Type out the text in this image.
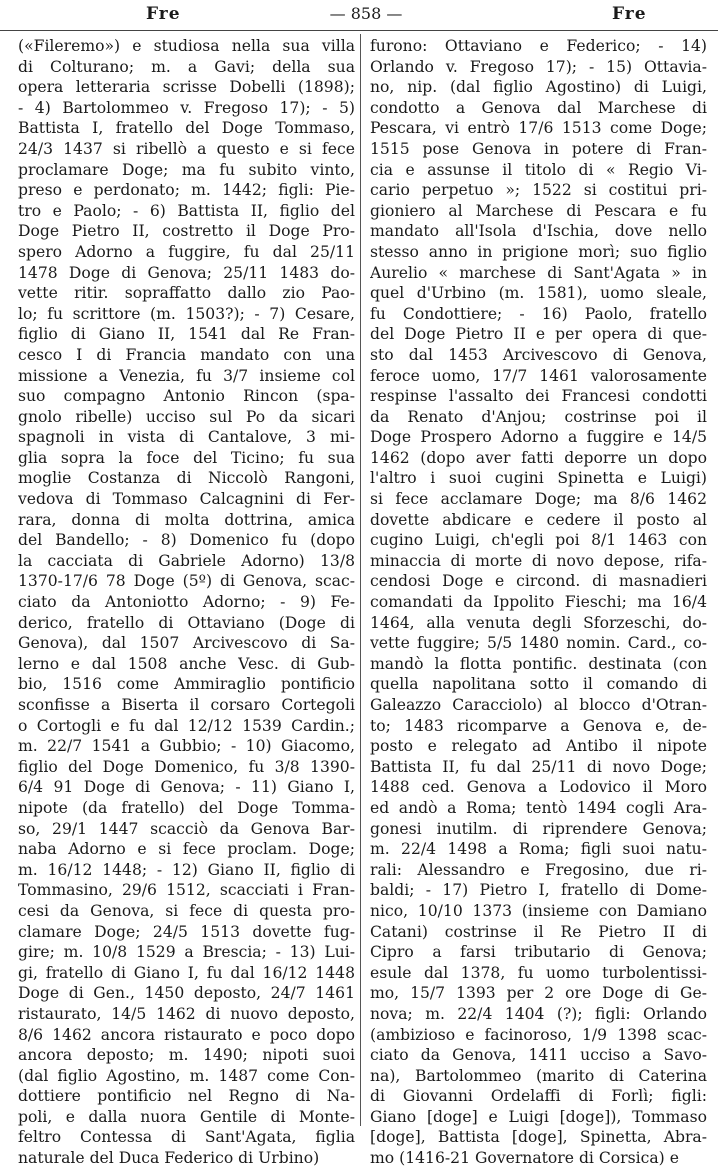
Fre	— 858 —	Fre
(«Fileremo») e studiosa nella sua villa
di Colturano; m. a Gavi; della sua
opera letteraria scrisse Dobelli (1898);
- 4) Bartolommeo v. Fregoso 17); - 5)
Battista I, fratello del Doge Tommaso,
24/3 1437 si ribellò a questo e si fece
proclamare Doge; ma fu subito vinto,
preso e perdonato; m. 1442; figli: Pie-
tro e Paolo; - 6) Battista II, figlio del
Doge Pietro II, costretto il Doge Pro-
spero Adorno a fuggire, fu dal 25/11
1478 Doge di Genova; 25/11 1483 do-
vette ritir. sopraffatto dallo zio Pao-
lo; fu scrittore (m. 1503?); - 7) Cesare,
figlio di Giano II, 1541 dal Re Fran-
cesco I di Francia mandato con una
missione a Venezia, fu 3/7 insieme col
suo compagno Antonio Rincon (spa-
gnolo ribelle) ucciso sul Po da sicari
spagnoli in vista di Cantalove, 3 mi-
glia sopra la foce del Ticino; fu sua
moglie Costanza di Niccolò Rangoni,
vedova di Tommaso Calcagnini di Fer-
rara, donna di molta dottrina, amica
del Bandello; - 8) Domenico fu (dopo
la cacciata di Gabriele Adorno) 13/8
1370-17/6 78 Doge (5º) di Genova, scac-
ciato da Antoniotto Adorno; - 9) Fe-
derico, fratello di Ottaviano (Doge di
Genova), dal 1507 Arcivescovo di Sa-
lerno e dal 1508 anche Vesc. di Gub-
bio, 1516 come Ammiraglio pontificio
sconfisse a Biserta il corsaro Cortegoli
o Cortogli e fu dal 12/12 1539 Cardin.;
m. 22/7 1541 a Gubbio; - 10) Giacomo,
figlio del Doge Domenico, fu 3/8 1390-
6/4 91 Doge di Genova; - 11) Giano I,
nipote (da fratello) del Doge Tomma-
so, 29/1 1447 scacciò da Genova Bar-
naba Adorno e si fece proclam. Doge;
m. 16/12 1448; - 12) Giano II, figlio di
Tommasino, 29/6 1512, scacciati i Fran-
cesi da Genova, si fece di questa pro-
clamare Doge; 24/5 1513 dovette fug-
gire; m. 10/8 1529 a Brescia; - 13) Lui-
gi, fratello di Giano I, fu dal 16/12 1448
Doge di Gen., 1450 deposto, 24/7 1461
ristaurato, 14/5 1462 di nuovo deposto,
8/6 1462 ancora ristaurato e poco dopo
ancora deposto; m. 1490; nipoti suoi
(dal figlio Agostino, m. 1487 come Con-
dottiere pontificio nel Regno di Na-
poli, e dalla nuora Gentile di Monte-
feltro Contessa di Sant'Agata, figlia
naturale del Duca Federico di Urbino)
furono: Ottaviano e Federico; - 14)
Orlando v. Fregoso 17); - 15) Ottavia-
no, nip. (dal figlio Agostino) di Luigi,
condotto a Genova dal Marchese di
Pescara, vi entrò 17/6 1513 come Doge;
1515 pose Genova in potere di Fran-
cia e assunse il titolo di « Regio Vi-
cario perpetuo »; 1522 si costitui pri-
gioniero al Marchese di Pescara e fu
mandato all'Isola d'Ischia, dove nello
stesso anno in prigione morì; suo figlio
Aurelio « marchese di Sant'Agata » in
quel d'Urbino (m. 1581), uomo sleale,
fu Condottiere; - 16) Paolo, fratello
del Doge Pietro II e per opera di que-
sto dal 1453 Arcivescovo di Genova,
feroce uomo, 17/7 1461 valorosamente
respinse l'assalto dei Francesi condotti
da Renato d'Anjou; costrinse poi il
Doge Prospero Adorno a fuggire e 14/5
1462 (dopo aver fatti deporre un dopo
l'altro i suoi cugini Spinetta e Luigi)
si fece acclamare Doge; ma 8/6 1462
dovette abdicare e cedere il posto al
cugino Luigi, ch'egli poi 8/1 1463 con
minaccia di morte di novo depose, rifa-
cendosi Doge e circond. di masnadieri
comandati da Ippolito Fieschi; ma 16/4
1464, alla venuta degli Sforzeschi, do-
vette fuggire; 5/5 1480 nomin. Card., co-
mandò la flotta pontific. destinata (con
quella napolitana sotto il comando di
Galeazzo Caracciolo) al blocco d'Otran-
to; 1483 ricomparve a Genova e, de-
posto e relegato ad Antibo il nipote
Battista II, fu dal 25/11 di novo Doge;
1488 ced. Genova a Lodovico il Moro
ed andò a Roma; tentò 1494 cogli Ara-
gonesi inutilm. di riprendere Genova;
m. 22/4 1498 a Roma; figli suoi natu-
rali: Alessandro e Fregosino, due ri-
baldi; - 17) Pietro I, fratello di Dome-
nico, 10/10 1373 (insieme con Damiano
Catani) costrinse il Re Pietro II di
Cipro a farsi tributario di Genova;
esule dal 1378, fu uomo turbolentissi-
mo, 15/7 1393 per 2 ore Doge di Ge-
nova; m. 22/4 1404 (?); figli: Orlando
(ambizioso e facinoroso, 1/9 1398 scac-
ciato da Genova, 1411 ucciso a Savo-
na), Bartolommeo (marito di Caterina
di Giovanni Ordelaffi di Forlì; figli:
Giano [doge] e Luigi [doge]), Tommaso
[doge], Battista [doge], Spinetta, Abra-
mo (1416-21 Governatore di Corsica) e
